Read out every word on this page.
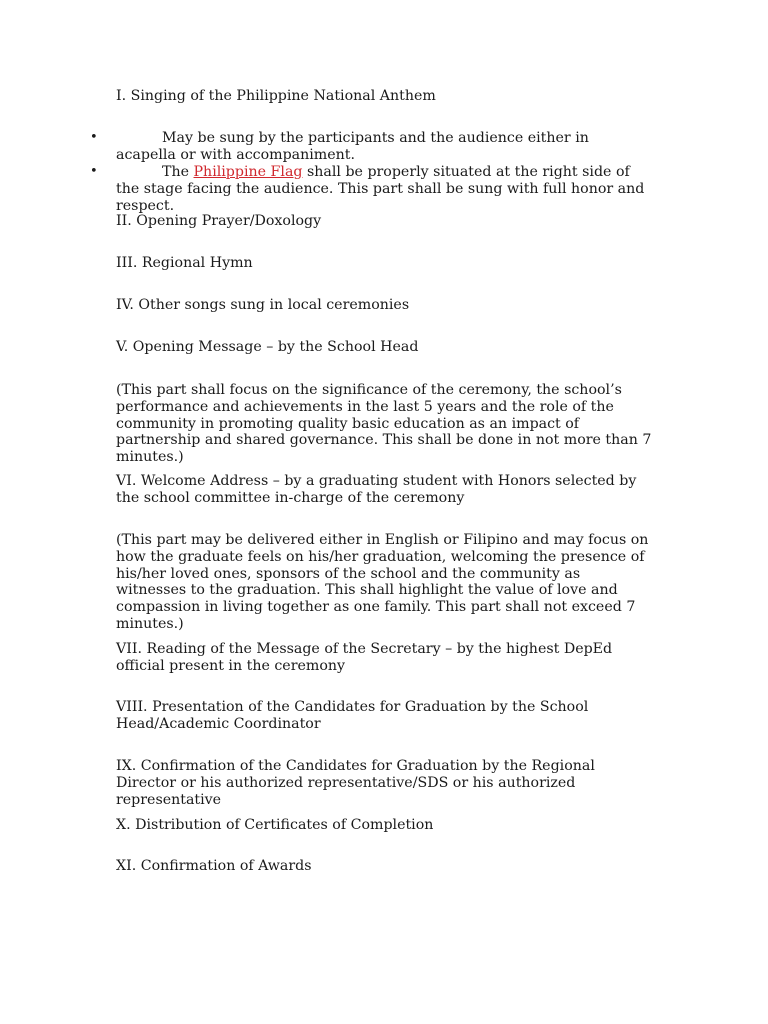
I. Singing of the Philippine National Anthem
•	May be sung by the participants and the audience either in acapella or with accompaniment.
•	The Philippine Flag shall be properly situated at the right side of the stage facing the audience. This part shall be sung with full honor and respect.
II. Opening Prayer/Doxology
III. Regional Hymn
IV. Other songs sung in local ceremonies
V. Opening Message – by the School Head
(This part shall focus on the significance of the ceremony, the school’s performance and achievements in the last 5 years and the role of the community in promoting quality basic education as an impact of partnership and shared governance. This shall be done in not more than 7 minutes.)
VI. Welcome Address – by a graduating student with Honors selected by the school committee in-charge of the ceremony
(This part may be delivered either in English or Filipino and may focus on how the graduate feels on his/her graduation, welcoming the presence of his/her loved ones, sponsors of the school and the community as witnesses to the graduation. This shall highlight the value of love and compassion in living together as one family. This part shall not exceed 7 minutes.)
VII. Reading of the Message of the Secretary – by the highest DepEd official present in the ceremony
VIII. Presentation of the Candidates for Graduation by the School Head/Academic Coordinator
IX. Confirmation of the Candidates for Graduation by the Regional Director or his authorized representative/SDS or his authorized representative
X. Distribution of Certificates of Completion
XI. Confirmation of Awards
